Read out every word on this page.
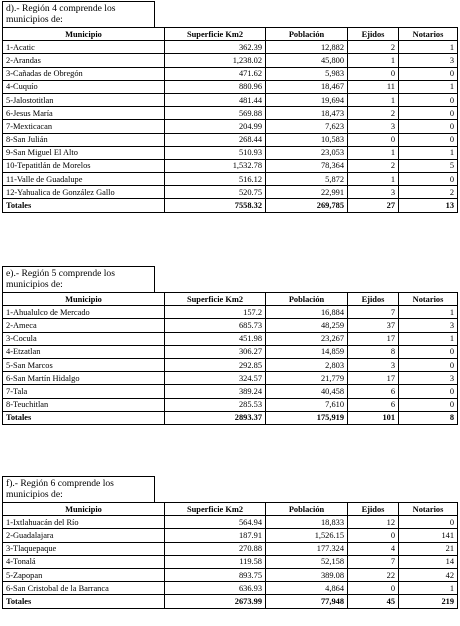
d).- Región 4 comprende los municipios de:
Municipio	Superficie Km2	Población	Ejidos	Notarios
1-Acatic	362.39	12,882	2	1
2-Arandas	1,238.02	45,800	1	3
3-Cañadas de Obregón	471.62	5,983	0	0
4-Cuquío	880.96	18,467	11	1
5-Jalostotitlan	481.44	19,694	1	0
6-Jesus María	569.88	18,473	2	0
7-Mexticacan	204.99	7,623	3	0
8-San Julián	268.44	10,583	0	0
9-San Miguel El Alto	510.93	23,053	1	1
10-Tepatitlán de Morelos	1,532.78	78,364	2	5
11-Valle de Guadalupe	516.12	5,872	1	0
12-Yahualica de González Gallo	520.75	22,991	3	2
Totales	7558.32	269,785	27	13
e).- Región 5 comprende los municipios de:
Municipio	Superficie Km2	Población	Ejidos	Notarios
1-Ahualulco de Mercado	157.2	16,884	7	1
2-Ameca	685.73	48,259	37	3
3-Cocula	451.98	23,267	17	1
4-Etzatlan	306.27	14,859	8	0
5-San Marcos	292.85	2,803	3	0
6-San Martín Hidalgo	324.57	21,779	17	3
7-Tala	389.24	40,458	6	0
8-Teuchitlan	285.53	7,610	6	0
Totales	2893.37	175,919	101	8
f).- Región 6 comprende los municipios de:
Municipio	Superficie Km2	Población	Ejidos	Notarios
1-Ixtlahuacán del Río	564.94	18,833	12	0
2-Guadalajara	187.91	1,526.15	0	141
3-Tlaquepaque	270.88	177.324	4	21
4-Tonalá	119.58	52,158	7	14
5-Zapopan	893.75	389.08	22	42
6-San Cristobal de la Barranca	636.93	4,864	0	1
Totales	2673.99	77,948	45	219
